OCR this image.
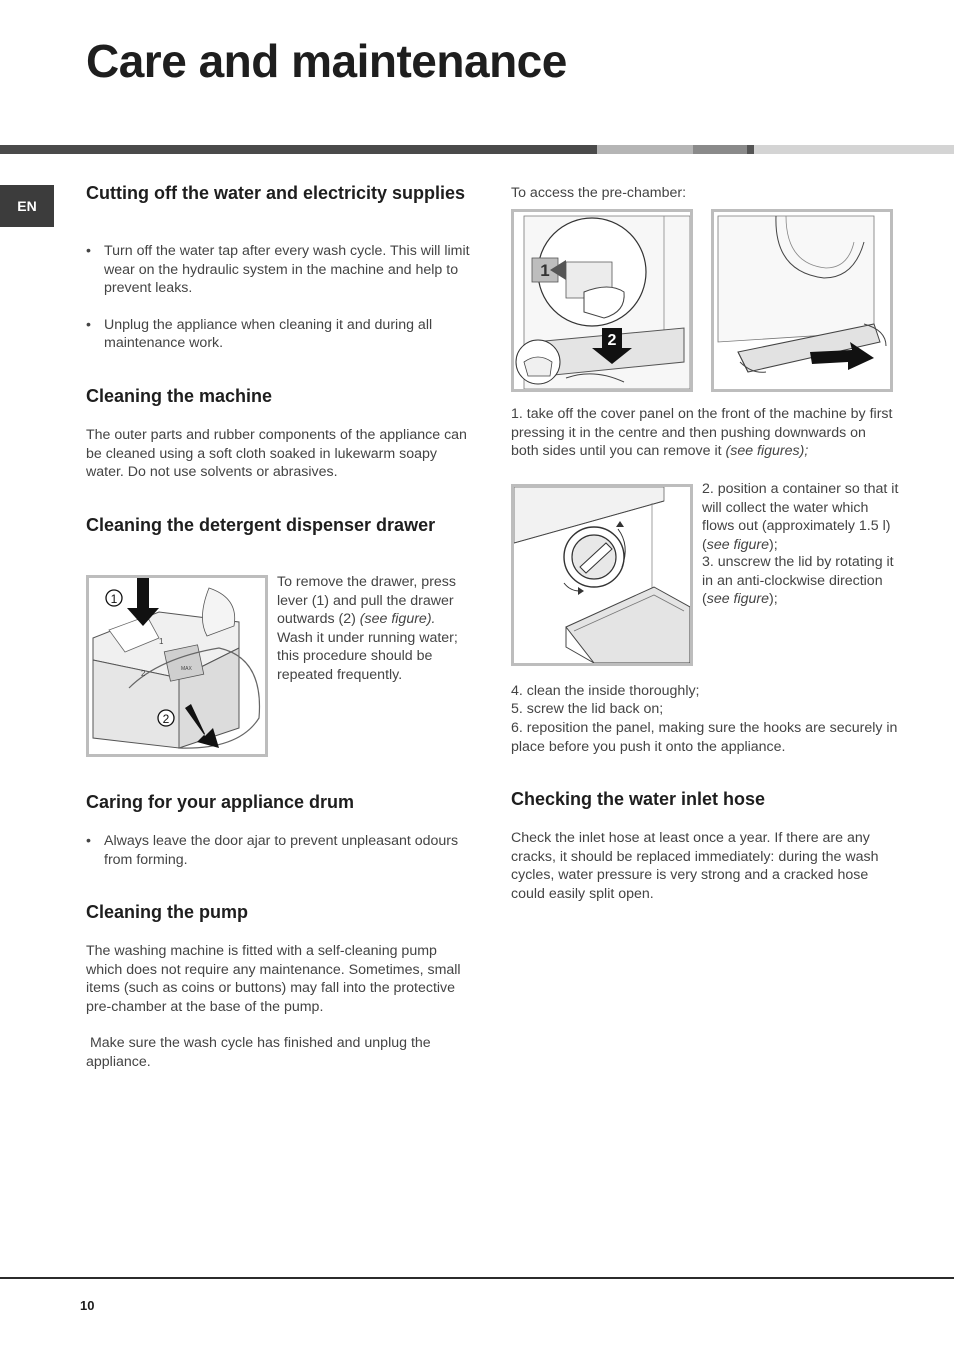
Care and maintenance
EN
Cutting off the water and electricity supplies
• Turn off the water tap after every wash cycle. This will limit wear on the hydraulic system in the machine and help to prevent leaks.
• Unplug the appliance when cleaning it and during all maintenance work.
Cleaning the machine

The outer parts and rubber components of the appliance can be cleaned using a soft cloth soaked in lukewarm soapy water. Do not use solvents or abrasives.

Cleaning the detergent dispenser drawer
1
2
1
2	MAX

To remove the drawer, press lever (1) and pull the drawer outwards (2) (see figure). Wash it under running water; this procedure should be repeated frequently.

Caring for your appliance drum
• Always leave the door ajar to prevent unpleasant odours from forming.
Cleaning the pump

The washing machine is fitted with a self-cleaning pump which does not require any maintenance. Sometimes, small items (such as coins or buttons) may fall into the protective pre-chamber at the base of the pump.

Make sure the wash cycle has finished and unplug the appliance.

To access the pre-chamber:

1
2

1. take off the cover panel on the front of the machine by first pressing it in the centre and then pushing downwards on both sides until you can remove it (see figures);

2. position a container so that it will collect the water which flows out (approximately 1.5 l) (see figure);

3. unscrew the lid by rotating it in an anti-clockwise direction (see figure);

4. clean the inside thoroughly;

5. screw the lid back on;

6. reposition the panel, making sure the hooks are securely in place before you push it onto the appliance.

Checking the water inlet hose

Check the inlet hose at least once a year. If there are any cracks, it should be replaced immediately: during the wash cycles, water pressure is very strong and a cracked hose could easily split open.

10
